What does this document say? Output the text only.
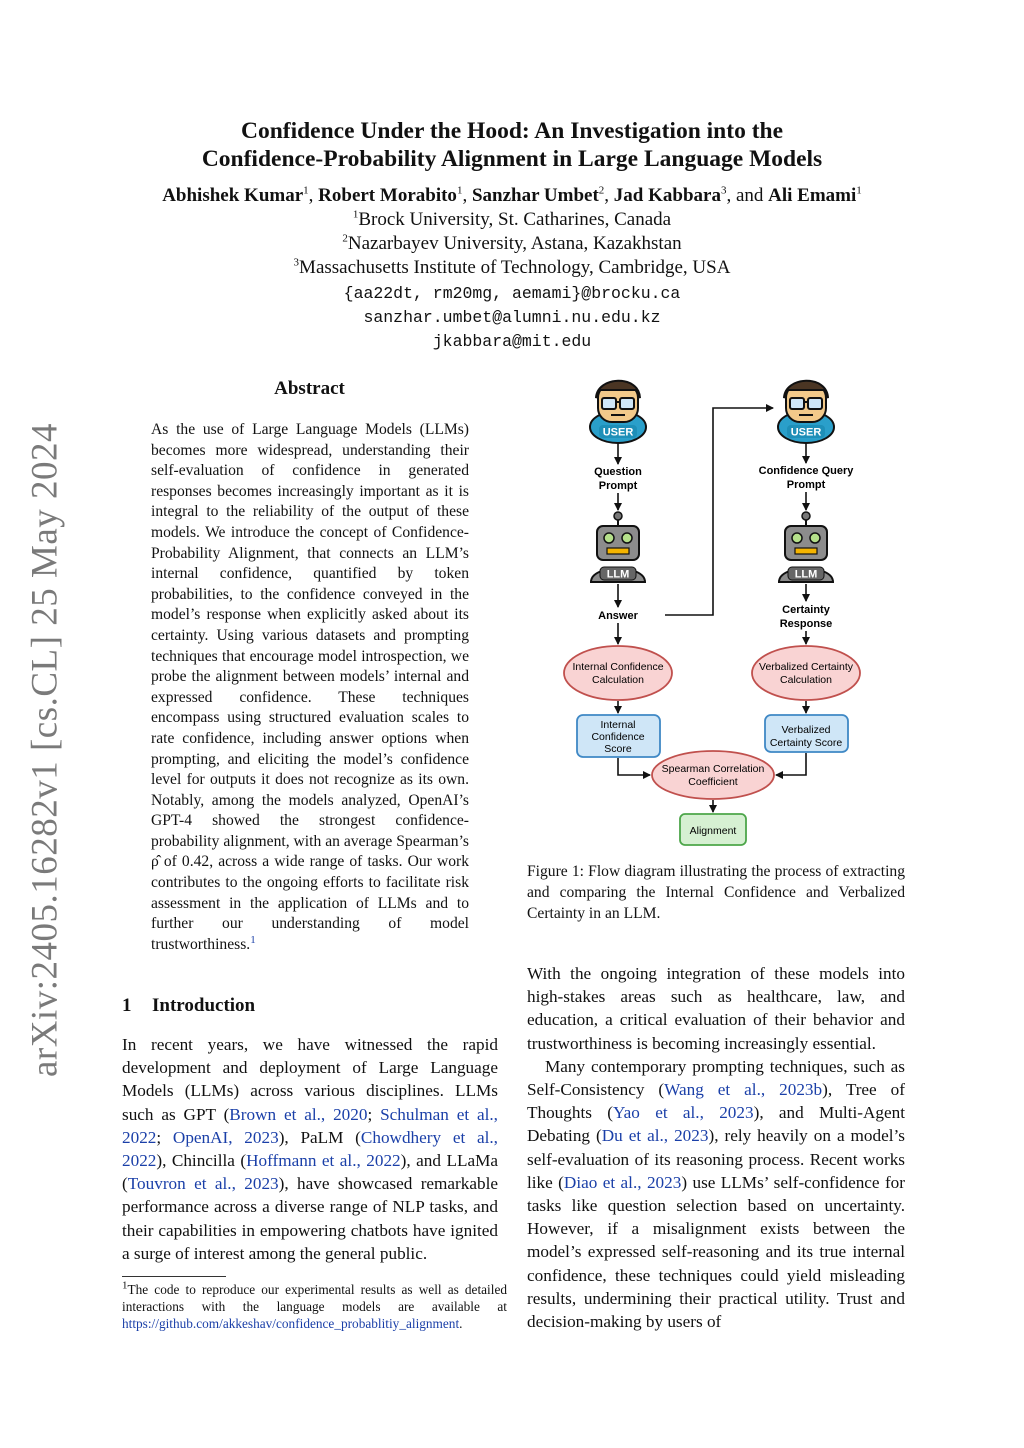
arXiv:2405.16282v1 [cs.CL] 25 May 2024
Confidence Under the Hood: An Investigation into the
Confidence-Probability Alignment in Large Language Models
Abhishek Kumar$^1$, Robert Morabito$^1$, Sanzhar Umbet$^2$, Jad Kabbara$^3$, and Ali Emami$^1$
$^1$Brock University, St. Catharines, Canada
$^2$Nazarbayev University, Astana, Kazakhstan
$^3$Massachusetts Institute of Technology, Cambridge, USA
{aa22dt, rm20mg, aemami}@brocku.ca
sanzhar.umbet@alumni.nu.edu.kz
jkabbara@mit.edu
Abstract
As the use of Large Language Models (LLMs) becomes more widespread, understanding their self-evaluation of confidence in generated responses becomes increasingly important as it is integral to the reliability of the output of these models. We introduce the concept of Confidence-Probability Alignment, that connects an LLM’s internal confidence, quantified by token probabilities, to the confidence conveyed in the model’s response when explicitly asked about its certainty. Using various datasets and prompting techniques that encourage model introspection, we probe the alignment between models’ internal and expressed confidence. These techniques encompass using structured evaluation scales to rate confidence, including answer options when prompting, and eliciting the model’s confidence level for outputs it does not recognize as its own. Notably, among the models analyzed, OpenAI’s GPT-4 showed the strongest confidence-probability alignment, with an average Spearman’s ρ̂ of 0.42, across a wide range of tasks. Our work contributes to the ongoing efforts to facilitate risk assessment in the application of LLMs and to further our understanding of model trustworthiness.$^1$
1 Introduction

In recent years, we have witnessed the rapid development and deployment of Large Language Models (LLMs) across various disciplines. LLMs such as GPT (Brown et al., 2020; Schulman et al., 2022; OpenAI, 2023), PaLM (Chowdhery et al., 2022), Chincilla (Hoffmann et al., 2022), and LLaMa (Touvron et al., 2023), have showcased remarkable performance across a diverse range of NLP tasks, and their capabilities in empowering chatbots have ignited a surge of interest among the general public.

$^1$The code to reproduce our experimental results as well as detailed interactions with the language models are available at https://github.com/akkeshav/confidence_probablitiy_alignment.
USER	USER
Question
Prompt
Confidence Query
Prompt
LLM	LLM
Answer	Certainty
Response
Internal Confidence
Calculation
Verbalized Certainty
Calculation
Internal
Confidence
Score
Verbalized
Certainty Score
Spearman Correlation
Coefficient
Alignment
Figure 1: Flow diagram illustrating the process of extracting and comparing the Internal Confidence and Verbalized Certainty in an LLM.

With the ongoing integration of these models into high-stakes areas such as healthcare, law, and education, a critical evaluation of their behavior and trustworthiness is becoming increasingly essential.

Many contemporary prompting techniques, such as Self-Consistency (Wang et al., 2023b), Tree of Thoughts (Yao et al., 2023), and Multi-Agent Debating (Du et al., 2023), rely heavily on a model’s self-evaluation of its reasoning process. Recent works like (Diao et al., 2023) use LLMs’ self-confidence for tasks like question selection based on uncertainty. However, if a misalignment exists between the model’s expressed self-reasoning and its true internal confidence, these techniques could yield misleading results, undermining their practical utility. Trust and decision-making by users of
